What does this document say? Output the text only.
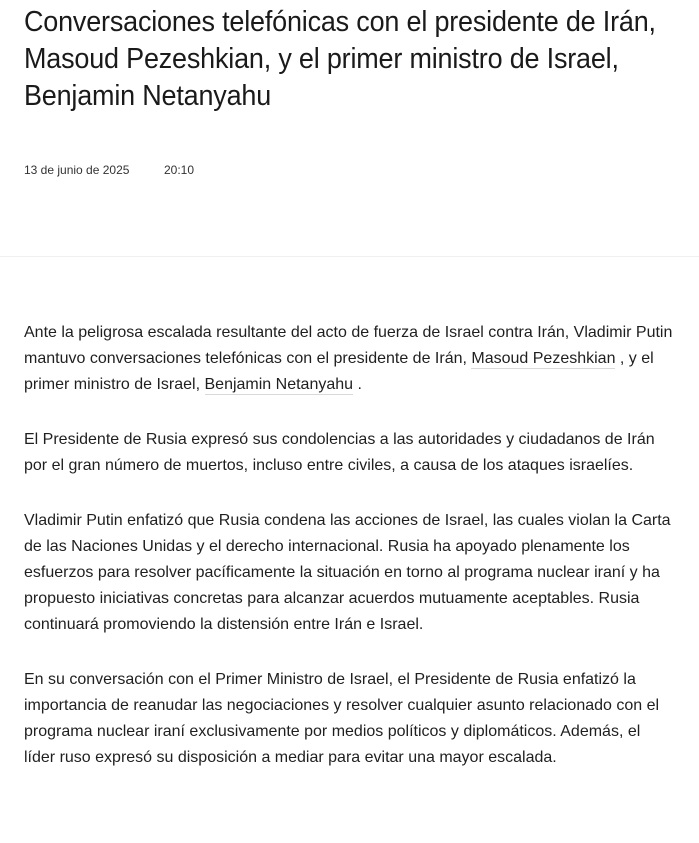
Conversaciones telefónicas con el presidente de Irán, Masoud Pezeshkian, y el primer ministro de Israel, Benjamin Netanyahu
13 de junio de 2025	20:10

Ante la peligrosa escalada resultante del acto de fuerza de Israel contra Irán, Vladimir Putin mantuvo conversaciones telefónicas con el presidente de Irán, Masoud Pezeshkian , y el primer ministro de Israel, Benjamin Netanyahu .

El Presidente de Rusia expresó sus condolencias a las autoridades y ciudadanos de Irán por el gran número de muertos, incluso entre civiles, a causa de los ataques israelíes.

Vladimir Putin enfatizó que Rusia condena las acciones de Israel, las cuales violan la Carta de las Naciones Unidas y el derecho internacional. Rusia ha apoyado plenamente los esfuerzos para resolver pacíficamente la situación en torno al programa nuclear iraní y ha propuesto iniciativas concretas para alcanzar acuerdos mutuamente aceptables. Rusia continuará promoviendo la distensión entre Irán e Israel.

En su conversación con el Primer Ministro de Israel, el Presidente de Rusia enfatizó la importancia de reanudar las negociaciones y resolver cualquier asunto relacionado con el programa nuclear iraní exclusivamente por medios políticos y diplomáticos. Además, el líder ruso expresó su disposición a mediar para evitar una mayor escalada.
